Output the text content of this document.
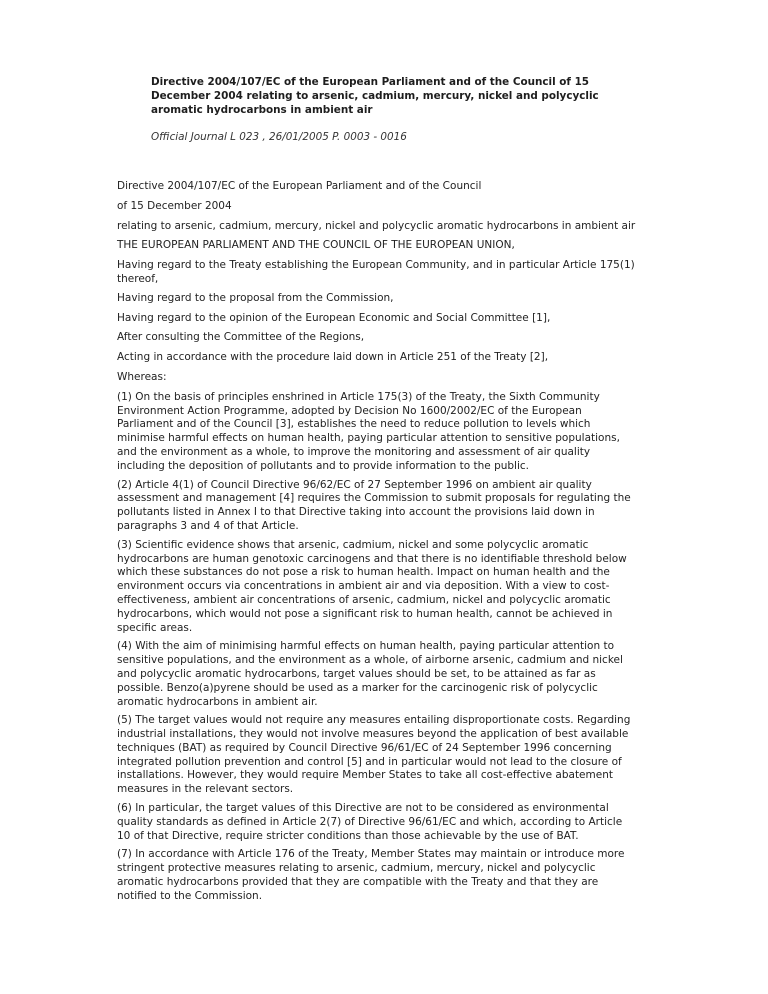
Directive 2004/107/EC of the European Parliament and of the Council of 15 December 2004 relating to arsenic, cadmium, mercury, nickel and polycyclic aromatic hydrocarbons in ambient air

Official Journal L 023 , 26/01/2005 P. 0003 - 0016

Directive 2004/107/EC of the European Parliament and of the Council

of 15 December 2004

relating to arsenic, cadmium, mercury, nickel and polycyclic aromatic hydrocarbons in ambient air

THE EUROPEAN PARLIAMENT AND THE COUNCIL OF THE EUROPEAN UNION,

Having regard to the Treaty establishing the European Community, and in particular Article 175(1) thereof,

Having regard to the proposal from the Commission,

Having regard to the opinion of the European Economic and Social Committee [1],

After consulting the Committee of the Regions,

Acting in accordance with the procedure laid down in Article 251 of the Treaty [2],

Whereas:

(1) On the basis of principles enshrined in Article 175(3) of the Treaty, the Sixth Community Environment Action Programme, adopted by Decision No 1600/2002/EC of the European Parliament and of the Council [3], establishes the need to reduce pollution to levels which minimise harmful effects on human health, paying particular attention to sensitive populations, and the environment as a whole, to improve the monitoring and assessment of air quality including the deposition of pollutants and to provide information to the public.

(2) Article 4(1) of Council Directive 96/62/EC of 27 September 1996 on ambient air quality assessment and management [4] requires the Commission to submit proposals for regulating the pollutants listed in Annex I to that Directive taking into account the provisions laid down in paragraphs 3 and 4 of that Article.

(3) Scientific evidence shows that arsenic, cadmium, nickel and some polycyclic aromatic hydrocarbons are human genotoxic carcinogens and that there is no identifiable threshold below which these substances do not pose a risk to human health. Impact on human health and the environment occurs via concentrations in ambient air and via deposition. With a view to cost-effectiveness, ambient air concentrations of arsenic, cadmium, nickel and polycyclic aromatic hydrocarbons, which would not pose a significant risk to human health, cannot be achieved in specific areas.

(4) With the aim of minimising harmful effects on human health, paying particular attention to sensitive populations, and the environment as a whole, of airborne arsenic, cadmium and nickel and polycyclic aromatic hydrocarbons, target values should be set, to be attained as far as possible. Benzo(a)pyrene should be used as a marker for the carcinogenic risk of polycyclic aromatic hydrocarbons in ambient air.

(5) The target values would not require any measures entailing disproportionate costs. Regarding industrial installations, they would not involve measures beyond the application of best available techniques (BAT) as required by Council Directive 96/61/EC of 24 September 1996 concerning integrated pollution prevention and control [5] and in particular would not lead to the closure of installations. However, they would require Member States to take all cost-effective abatement measures in the relevant sectors.

(6) In particular, the target values of this Directive are not to be considered as environmental quality standards as defined in Article 2(7) of Directive 96/61/EC and which, according to Article 10 of that Directive, require stricter conditions than those achievable by the use of BAT.

(7) In accordance with Article 176 of the Treaty, Member States may maintain or introduce more stringent protective measures relating to arsenic, cadmium, mercury, nickel and polycyclic aromatic hydrocarbons provided that they are compatible with the Treaty and that they are notified to the Commission.
